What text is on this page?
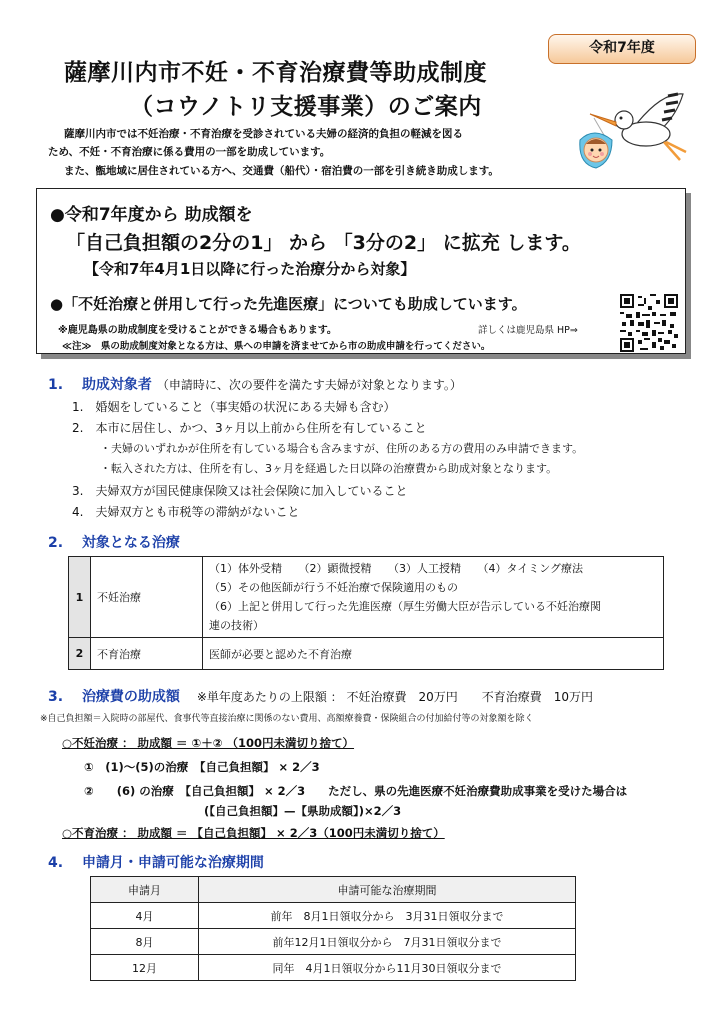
令和7年度
薩摩川内市不妊・不育治療費等助成制度
（コウノトリ支援事業）のご案内
薩摩川内市では不妊治療・不育治療を受診されている夫婦の経済的負担の軽減を図る
ため、不妊・不育治療に係る費用の一部を助成しています。
また、甑地域に居住されている方へ、交通費（船代）・宿泊費の一部を引き続き助成します。
●令和7年度から 助成額を
「自己負担額の2分の1」 から 「3分の2」 に拡充 します。
【令和7年4月1日以降に行った治療分から対象】
●「不妊治療と併用して行った先進医療」についても助成しています。
※鹿児島県の助成制度を受けることができる場合もあります。	詳しくは鹿児島県 HP⇒
≪注≫　県の助成制度対象となる方は、県への申請を済ませてから市の助成申請を行ってください。
1. 助成対象者 （申請時に、次の要件を満たす夫婦が対象となります。）
1.　婚姻をしていること（事実婚の状況にある夫婦も含む）
2.　本市に居住し、かつ、3ヶ月以上前から住所を有していること
・夫婦のいずれかが住所を有している場合も含みますが、住所のある方の費用のみ申請できます。
・転入された方は、住所を有し、3ヶ月を経過した日以降の治療費から助成対象となります。
3.　夫婦双方が国民健康保険又は社会保険に加入していること
4.　夫婦双方とも市税等の滞納がないこと
2. 対象となる治療
1	不妊治療	（1）体外受精　　（2）顕微授精　　（3）人工授精　　（4）タイミング療法
（5）その他医師が行う不妊治療で保険適用のもの
（6）上記と併用して行った先進医療（厚生労働大臣が告示している不妊治療関
連の技術）

2	不育治療	医師が必要と認めた不育治療
3. 治療費の助成額 ※単年度あたりの上限額 ： 不妊治療費　20万円　　不育治療費　10万円
※自己負担額＝入院時の部屋代、食事代等直接治療に関係のない費用、高額療養費・保険組合の付加給付等の対象額を除く
○不妊治療 ： 助成額 ＝ ①＋② （100円未満切り捨て）
①　(1)～(5)の治療　【自己負担額】 × 2／3
②　　(6) の治療　【自己負担額】 × 2／3　　ただし、県の先進医療不妊治療費助成事業を受けた場合は
(【自己負担額】—【県助成額】)×2／3
○不育治療 ： 助成額 ＝ 【自己負担額】 × 2／3（100円未満切り捨て）
4. 申請月・申請可能な治療期間
申請月	申請可能な治療期間
4月	前年　8月1日領収分から　3月31日領収分まで
8月	前年12月1日領収分から　7月31日領収分まで
12月	同年　4月1日領収分から11月30日領収分まで
